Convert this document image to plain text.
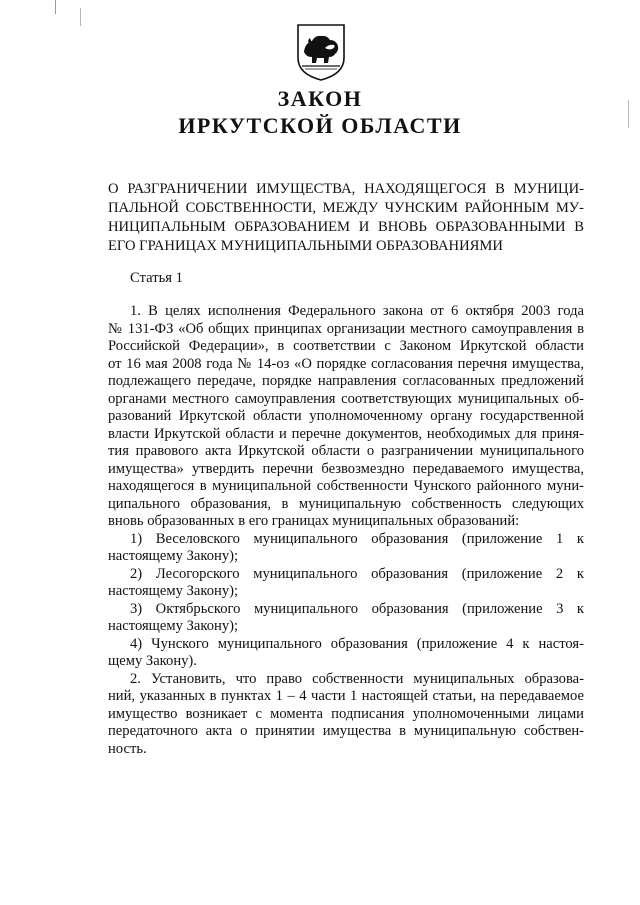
ЗАКОН
ИРКУТСКОЙ ОБЛАСТИ
О РАЗГРАНИЧЕНИИ ИМУЩЕСТВА, НАХОДЯЩЕГОСЯ В МУНИЦИ-
ПАЛЬНОЙ СОБСТВЕННОСТИ, МЕЖДУ ЧУНСКИМ РАЙОННЫМ МУ-
НИЦИПАЛЬНЫМ ОБРАЗОВАНИЕМ И ВНОВЬ ОБРАЗОВАННЫМИ В
ЕГО ГРАНИЦАХ МУНИЦИПАЛЬНЫМИ ОБРАЗОВАНИЯМИ
Статья 1
1. В целях исполнения Федерального закона от 6 октября 2003 года
№ 131-ФЗ «Об общих принципах организации местного самоуправления в
Российской Федерации», в соответствии с Законом Иркутской области
от 16 мая 2008 года № 14-оз «О порядке согласования перечня имущества,
подлежащего передаче, порядке направления согласованных предложений
органами местного самоуправления соответствующих муниципальных об-
разований Иркутской области уполномоченному органу государственной
власти Иркутской области и перечне документов, необходимых для приня-
тия правового акта Иркутской области о разграничении муниципального
имущества» утвердить перечни безвозмездно передаваемого имущества,
находящегося в муниципальной собственности Чунского районного муни-
ципального образования, в муниципальную собственность следующих
вновь образованных в его границах муниципальных образований:
1) Веселовского муниципального образования (приложение 1 к
настоящему Закону);
2) Лесогорского муниципального образования (приложение 2 к
настоящему Закону);
3) Октябрьского муниципального образования (приложение 3 к
настоящему Закону);
4) Чунского муниципального образования (приложение 4 к настоя-
щему Закону).
2. Установить, что право собственности муниципальных образова-
ний, указанных в пунктах 1 – 4 части 1 настоящей статьи, на передаваемое
имущество возникает с момента подписания уполномоченными лицами
передаточного акта о принятии имущества в муниципальную собствен-
ность.
